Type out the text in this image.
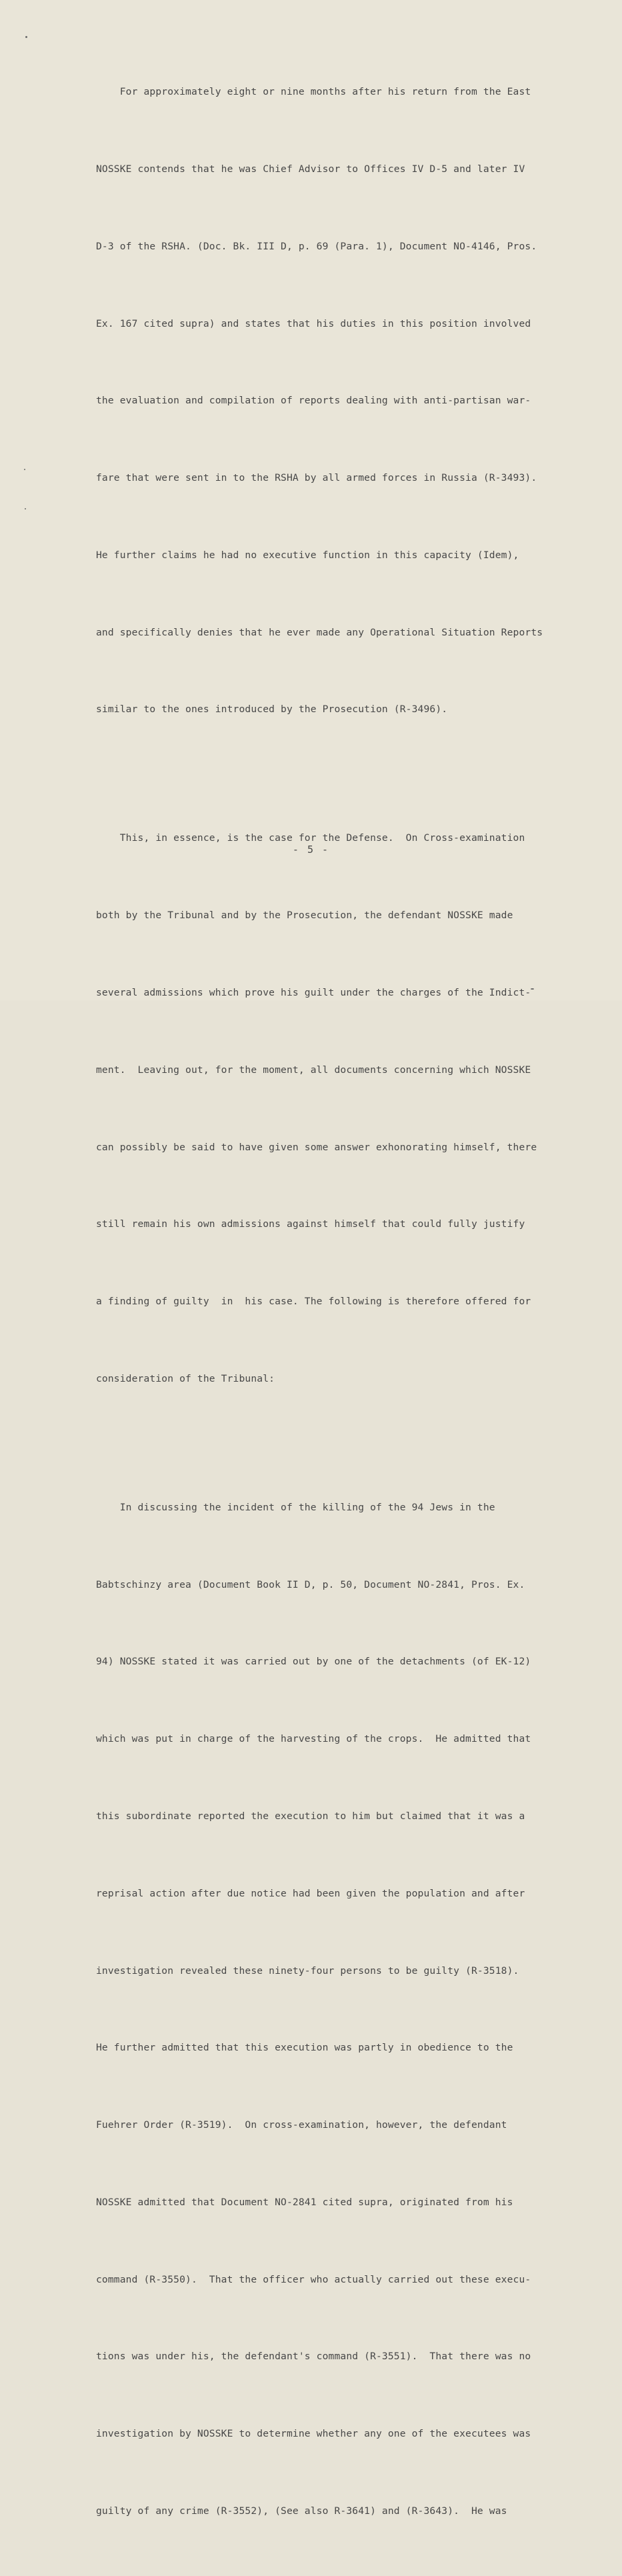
For approximately eight or nine months after his return from the East

NOSSKE contends that he was Chief Advisor to Offices IV D-5 and later IV

D-3 of the RSHA. (Doc. Bk. III D, p. 69 (Para. 1), Document NO-4146, Pros.

Ex. 167 cited supra) and states that his duties in this position involved

the evaluation and compilation of reports dealing with anti-partisan war-

fare that were sent in to the RSHA by all armed forces in Russia (R-3493).

He further claims he had no executive function in this capacity (Idem),

and specifically denies that he ever made any Operational Situation Reports

similar to the ones introduced by the Prosecution (R-3496).

This, in essence, is the case for the Defense.  On Cross-examination

both by the Tribunal and by the Prosecution, the defendant NOSSKE made

several admissions which prove his guilt under the charges of the Indict-

ment.  Leaving out, for the moment, all documents concerning which NOSSKE

can possibly be said to have given some answer exhonorating himself, there

still remain his own admissions against himself that could fully justify

a finding of guilty  in  his case. The following is therefore offered for

consideration of the Tribunal:

In discussing the incident of the killing of the 94 Jews in the

Babtschinzy area (Document Book II D, p. 50, Document NO-2841, Pros. Ex.

94) NOSSKE stated it was carried out by one of the detachments (of EK-12)

which was put in charge of the harvesting of the crops.  He admitted that

this subordinate reported the execution to him but claimed that it was a

reprisal action after due notice had been given the population and after

investigation revealed these ninety-four persons to be guilty (R-3518).

He further admitted that this execution was partly in obedience to the

Fuehrer Order (R-3519).  On cross-examination, however, the defendant

NOSSKE admitted that Document NO-2841 cited supra, originated from his

command (R-3550).  That the officer who actually carried out these execu-

tions was under his, the defendant's command (R-3551).  That there was no

investigation by NOSSKE to determine whether any one of the executees was

guilty of any crime (R-3552), (See also R-3641) and (R-3643).  He was

- 5 -
